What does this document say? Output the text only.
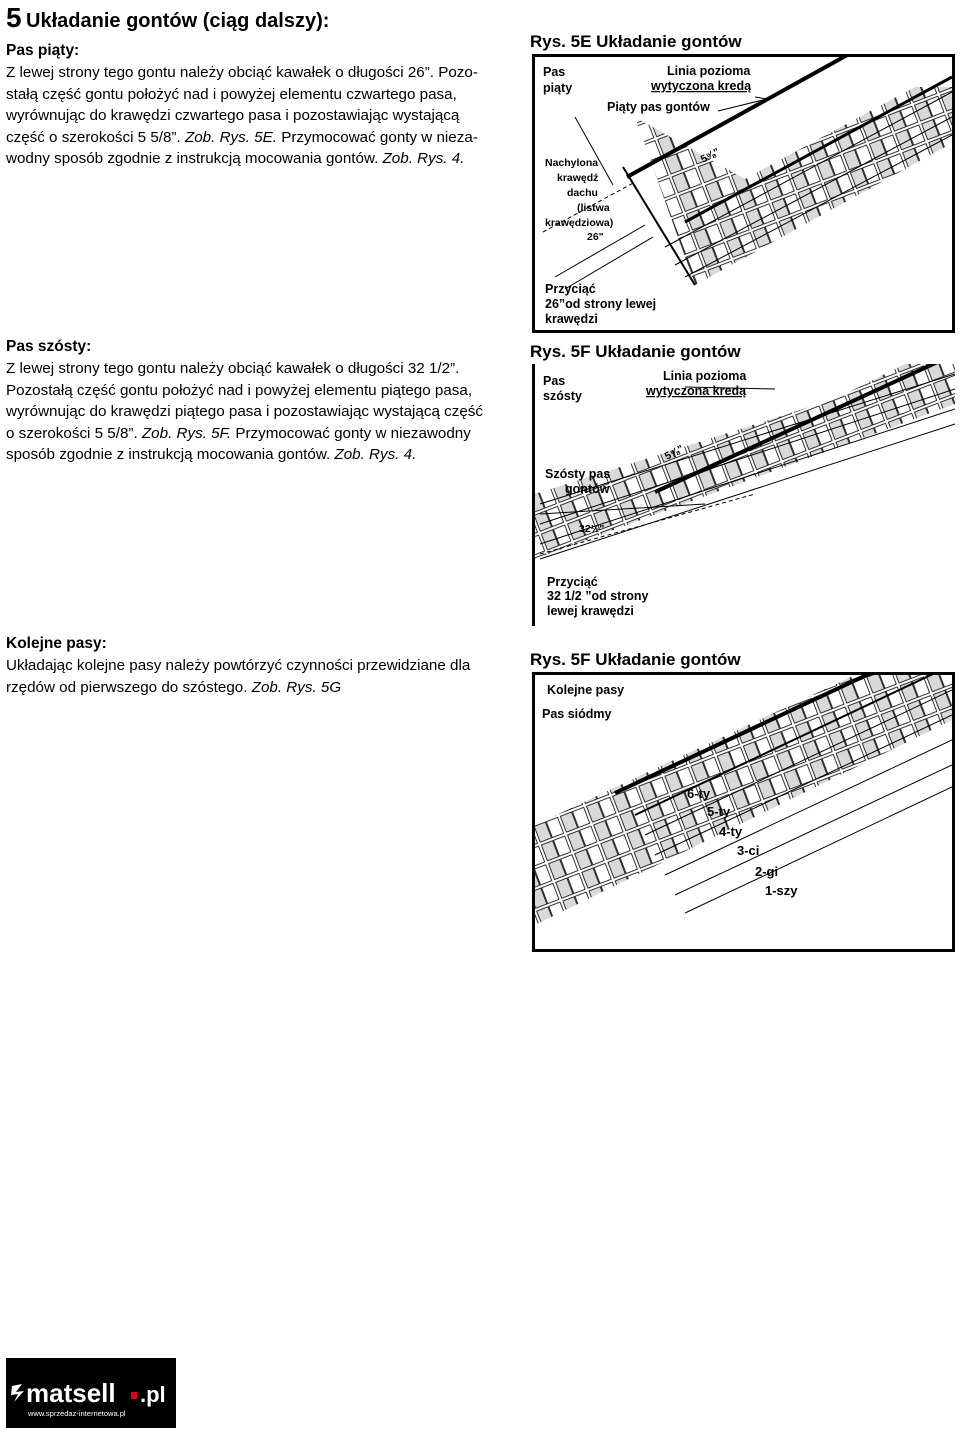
5 Układanie gontów (ciąg dalszy):
Pas piąty:
Z lewej strony tego gontu należy obciąć kawałek o długości 26”. Pozo-
stałą część gontu położyć nad i powyżej elementu czwartego pasa,
wyrównując do krawędzi czwartego pasa i pozostawiając wystającą
część o szerokości 5 5/8”. Zob. Rys. 5E. Przymocować gonty w nieza-
wodny sposób zgodnie z instrukcją mocowania gontów. Zob. Rys. 4.
Pas szósty:
Z lewej strony tego gontu należy obciąć kawałek o długości 32 1/2”.
Pozostałą część gontu położyć nad i powyżej elementu piątego pasa,
wyrównując do krawędzi piątego pasa i pozostawiając wystającą część
o szerokości 5 5/8”. Zob. Rys. 5F. Przymocować gonty w niezawodny
sposób zgodnie z instrukcją mocowania gontów. Zob. Rys. 4.
Kolejne pasy:
Układając kolejne pasy należy powtórzyć czynności przewidziane dla
rzędów od pierwszego do szóstego. Zob. Rys. 5G
Rys. 5E Układanie gontów
Pas
piąty
Linia pozioma
wytyczona kredą
Piąty pas gontów
Nachylona
krawędź
dachu
(listwa
krawędziowa)
26"
5⅝"
Przyciąć
26”od strony lewej
krawędzi
Rys. 5F Układanie gontów
Pas
szósty
Linia pozioma
wytyczona kredą
5⅝"
Szósty pas
gontów
32½"
Przyciąć
32 1/2 ”od strony
lewej krawędzi
Rys. 5F Układanie gontów
Kolejne pasy
Pas siódmy
6-ty
5-ty
4-ty
3-ci
2-gi
1-szy
matsell .pl
www.sprzedaz-internetowa.pl
